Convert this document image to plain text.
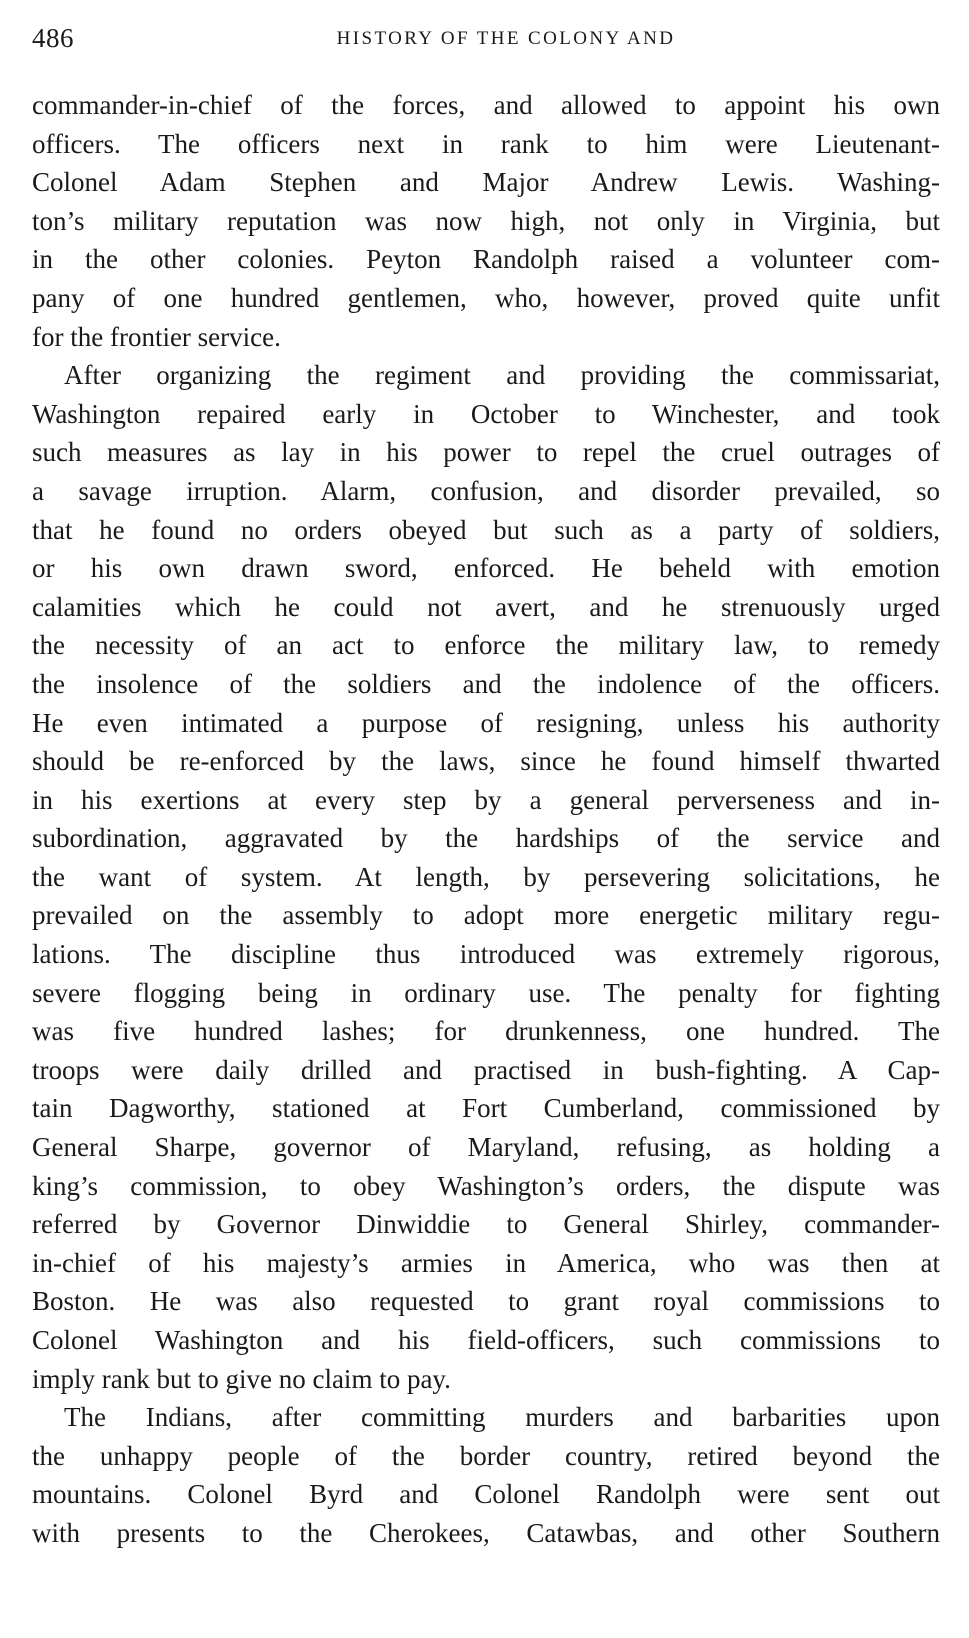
486	HISTORY OF THE COLONY AND
commander-in-chief of the forces, and allowed to appoint his own
officers. The officers next in rank to him were Lieutenant-
Colonel Adam Stephen and Major Andrew Lewis. Washing-
ton’s military reputation was now high, not only in Virginia, but
in the other colonies. Peyton Randolph raised a volunteer com-
pany of one hundred gentlemen, who, however, proved quite unfit
for the frontier service.
After organizing the regiment and providing the commissariat,
Washington repaired early in October to Winchester, and took
such measures as lay in his power to repel the cruel outrages of
a savage irruption. Alarm, confusion, and disorder prevailed, so
that he found no orders obeyed but such as a party of soldiers,
or his own drawn sword, enforced. He beheld with emotion
calamities which he could not avert, and he strenuously urged
the necessity of an act to enforce the military law, to remedy
the insolence of the soldiers and the indolence of the officers.
He even intimated a purpose of resigning, unless his authority
should be re-enforced by the laws, since he found himself thwarted
in his exertions at every step by a general perverseness and in-
subordination, aggravated by the hardships of the service and
the want of system. At length, by persevering solicitations, he
prevailed on the assembly to adopt more energetic military regu-
lations. The discipline thus introduced was extremely rigorous,
severe flogging being in ordinary use. The penalty for fighting
was five hundred lashes; for drunkenness, one hundred. The
troops were daily drilled and practised in bush-fighting. A Cap-
tain Dagworthy, stationed at Fort Cumberland, commissioned by
General Sharpe, governor of Maryland, refusing, as holding a
king’s commission, to obey Washington’s orders, the dispute was
referred by Governor Dinwiddie to General Shirley, commander-
in-chief of his majesty’s armies in America, who was then at
Boston. He was also requested to grant royal commissions to
Colonel Washington and his field-officers, such commissions to
imply rank but to give no claim to pay.
The Indians, after committing murders and barbarities upon
the unhappy people of the border country, retired beyond the
mountains. Colonel Byrd and Colonel Randolph were sent out
with presents to the Cherokees, Catawbas, and other Southern
